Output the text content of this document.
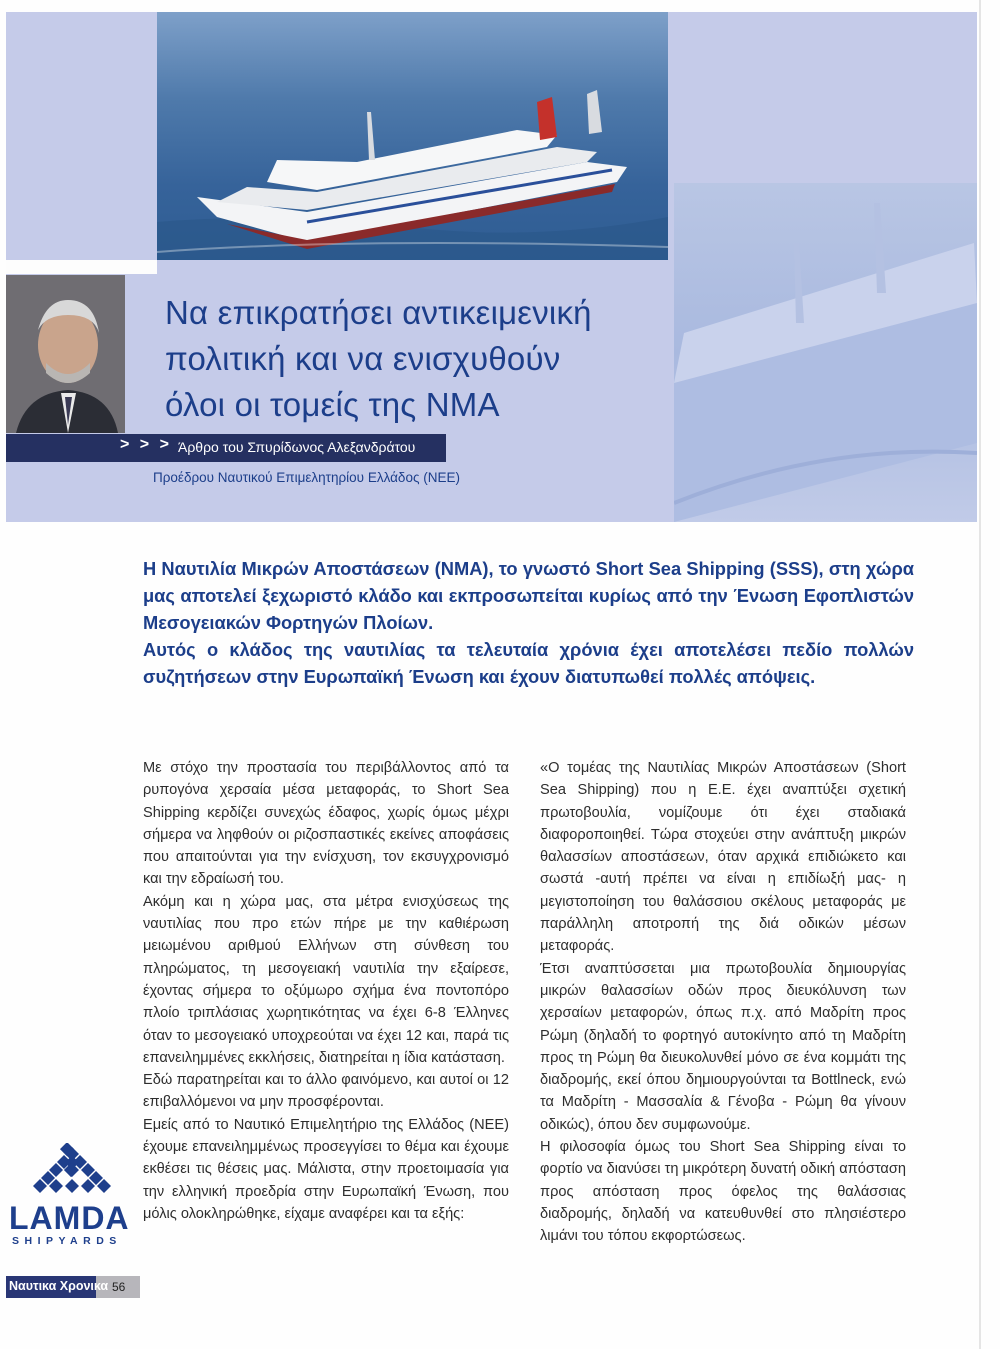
Να επικρατήσει αντικειμενική
πολιτική και να ενισχυθούν
όλοι οι τομείς της ΝΜΑ
> > > Άρθρο του Σπυρίδωνος Αλεξανδράτου
Προέδρου Ναυτικού Επιμελητηρίου Ελλάδος (ΝΕΕ)

Η Ναυτιλία Μικρών Αποστάσεων (ΝΜΑ), το γνωστό Short Sea Shipping (SSS), στη χώρα μας αποτελεί ξεχωριστό κλάδο και εκπροσωπείται κυρίως από την Ένωση Εφοπλιστών Μεσογειακών Φορτηγών Πλοίων.

Αυτός ο κλάδος της ναυτιλίας τα τελευταία χρόνια έχει αποτελέσει πεδίο πολλών συζητήσεων στην Ευρωπαϊκή Ένωση και έχουν διατυπωθεί πολλές απόψεις.

Με στόχο την προστασία του περιβάλλοντος από τα ρυπογόνα χερσαία μέσα μεταφοράς, το Short Sea Shipping κερδίζει συνεχώς έδαφος, χωρίς όμως μέχρι σήμερα να ληφθούν οι ριζοσπαστικές εκείνες αποφάσεις που απαιτούνται για την ενίσχυση, τον εκσυγχρονισμό και την εδραίωσή του.

Ακόμη και η χώρα μας, στα μέτρα ενισχύσεως της ναυτιλίας που προ ετών πήρε με την καθιέρωση μειωμένου αριθμού Ελλήνων στη σύνθεση του πληρώματος, τη μεσογειακή ναυτιλία την εξαίρεσε, έχοντας σήμερα το οξύμωρο σχήμα ένα ποντοπόρο πλοίο τριπλάσιας χωρητικότητας να έχει 6-8 Έλληνες όταν το μεσογειακό υποχρεούται να έχει 12 και, παρά τις επανειλημμένες εκκλήσεις, διατηρείται η ίδια κατάσταση.

Εδώ παρατηρείται και το άλλο φαινόμενο, και αυτοί οι 12 επιβαλλόμενοι να μην προσφέρονται.

Εμείς από το Ναυτικό Επιμελητήριο της Ελλάδος (ΝΕΕ) έχουμε επανειλημμένως προσεγγίσει το θέμα και έχουμε εκθέσει τις θέσεις μας. Μάλιστα, στην προετοιμασία για την ελληνική προεδρία στην Ευρωπαϊκή Ένωση, που μόλις ολοκληρώθηκε, είχαμε αναφέρει και τα εξής:

«Ο τομέας της Ναυτιλίας Μικρών Αποστάσεων (Short Sea Shipping) που η Ε.Ε. έχει αναπτύξει σχετική πρωτοβουλία, νομίζουμε ότι έχει σταδιακά διαφοροποιηθεί. Τώρα στοχεύει στην ανάπτυξη μικρών θαλασσίων αποστάσεων, όταν αρχικά επιδιώκετο και σωστά -αυτή πρέπει να είναι η επιδίωξή μας- η μεγιστοποίηση του θαλάσσιου σκέλους μεταφοράς με παράλληλη αποτροπή της διά οδικών μέσων μεταφοράς.

Έτσι αναπτύσσεται μια πρωτοβουλία δημιουργίας μικρών θαλασσίων οδών προς διευκόλυνση των χερσαίων μεταφορών, όπως π.χ. από Μαδρίτη προς Ρώμη (δηλαδή το φορτηγό αυτοκίνητο από τη Μαδρίτη προς τη Ρώμη θα διευκολυνθεί μόνο σε ένα κομμάτι της διαδρομής, εκεί όπου δημιουργούνται τα Bottlneck, ενώ τα Μαδρίτη - Μασσαλία & Γένοβα - Ρώμη θα γίνουν οδικώς), όπου δεν συμφωνούμε.

Η φιλοσοφία όμως του Short Sea Shipping είναι το φορτίο να διανύσει τη μικρότερη δυνατή οδική απόσταση προς απόσταση προς όφελος της θαλάσσιας διαδρομής, δηλαδή να κατευθυνθεί στο πλησιέστερο λιμάνι του τόπου εκφορτώσεως.

LAMDA
SHIPYARDS
Ναυτικα Χρονικα 56
